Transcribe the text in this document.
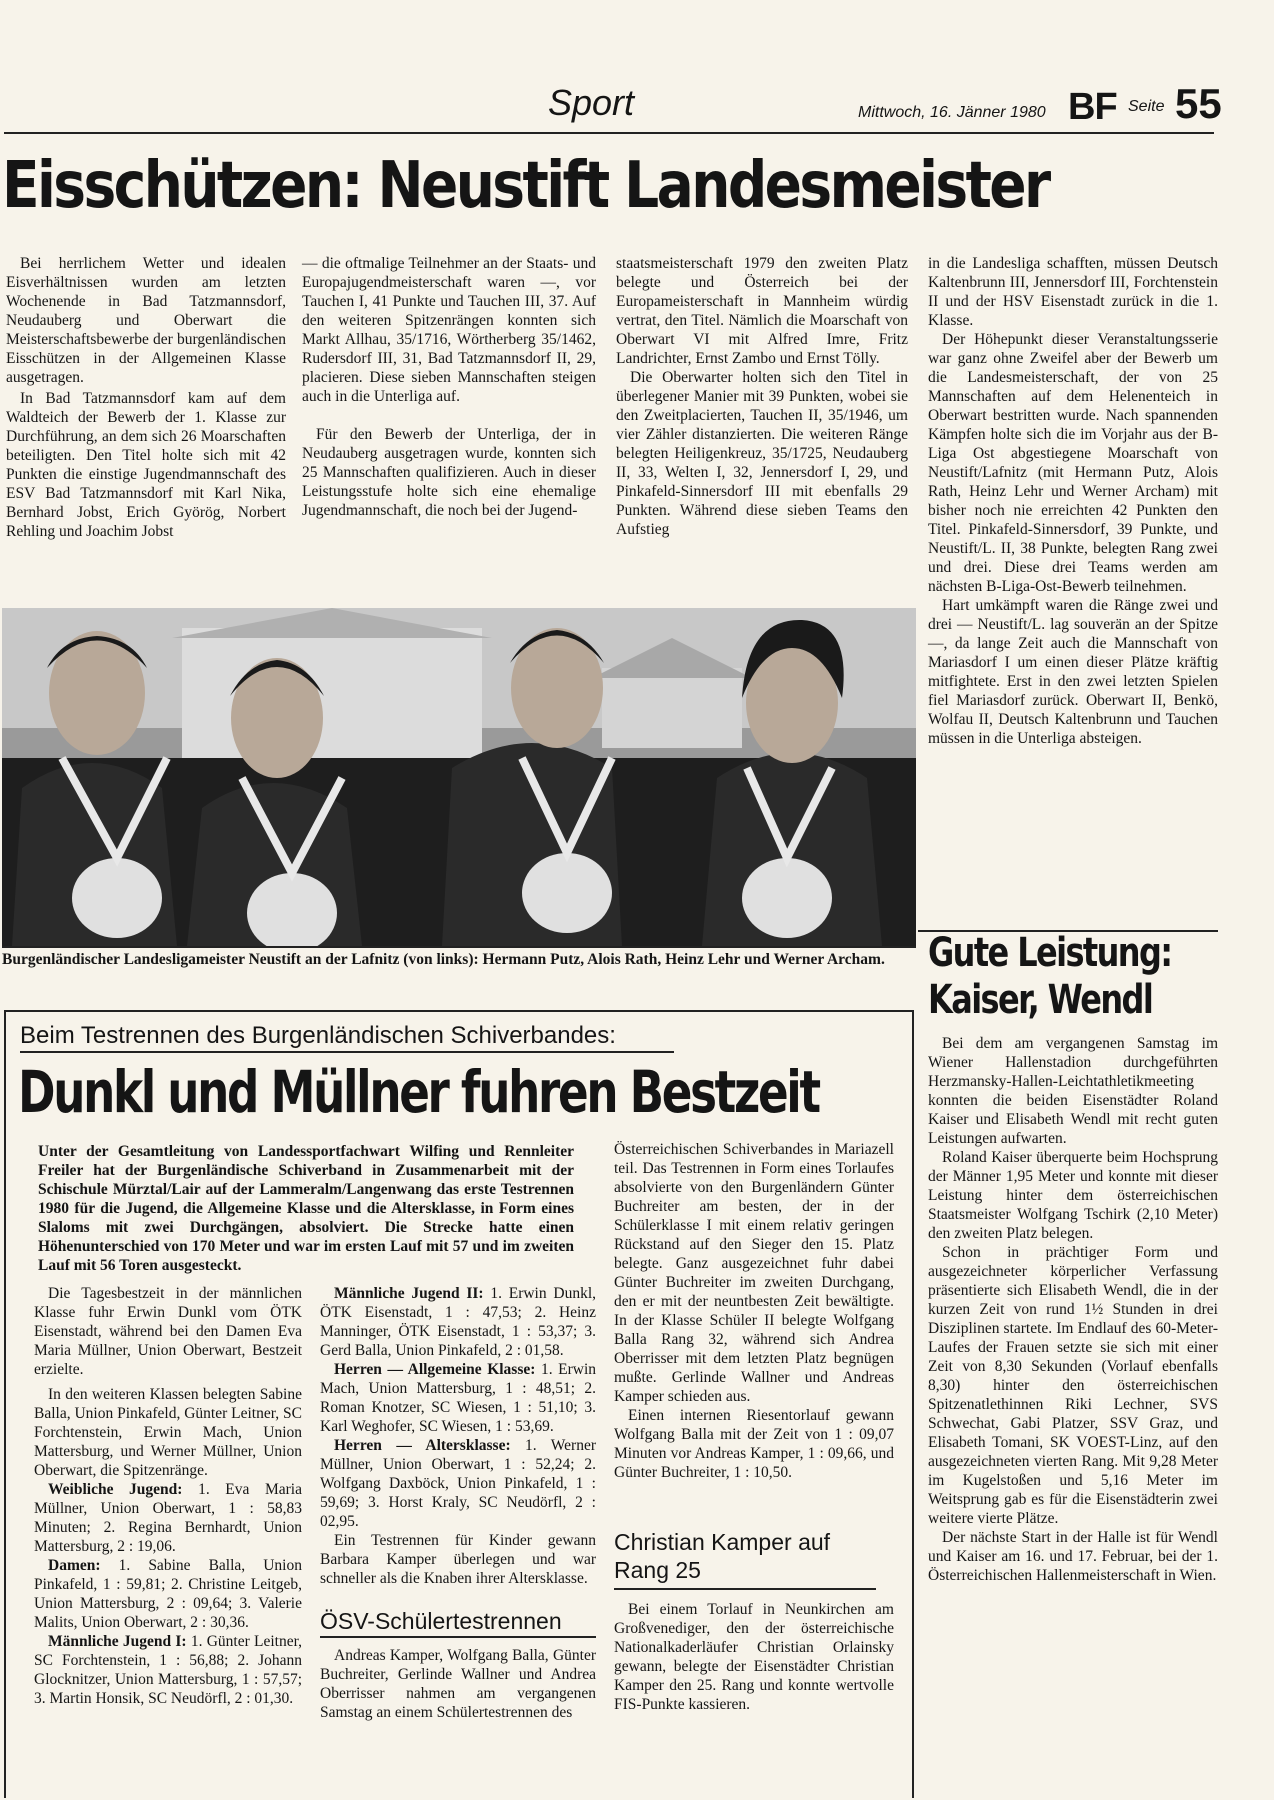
Sport	Mittwoch, 16. Jänner 1980 BF Seite 55
Eisschützen: Neustift Landesmeister

Bei herrlichem Wetter und idealen Eisverhältnissen wurden am letzten Wochenende in Bad Tatzmannsdorf, Neudauberg und Oberwart die Meisterschaftsbewerbe der burgenländischen Eisschützen in der Allgemeinen Klasse ausgetragen.

In Bad Tatzmannsdorf kam auf dem Waldteich der Bewerb der 1. Klasse zur Durchführung, an dem sich 26 Moarschaften beteiligten. Den Titel holte sich mit 42 Punkten die einstige Jugendmannschaft des ESV Bad Tatzmannsdorf mit Karl Nika, Bernhard Jobst, Erich Györög, Norbert Rehling und Joachim Jobst

— die oftmalige Teilnehmer an der Staats- und Europajugendmeisterschaft waren —, vor Tauchen I, 41 Punkte und Tauchen III, 37. Auf den weiteren Spitzenrängen konnten sich Markt Allhau, 35/1716, Wörtherberg 35/1462, Rudersdorf III, 31, Bad Tatzmannsdorf II, 29, placieren. Diese sieben Mannschaften steigen auch in die Unterliga auf.

Für den Bewerb der Unterliga, der in Neudauberg ausgetragen wurde, konnten sich 25 Mannschaften qualifizieren. Auch in dieser Leistungsstufe holte sich eine ehemalige Jugendmannschaft, die noch bei der Jugend-

staatsmeisterschaft 1979 den zweiten Platz belegte und Österreich bei der Europameisterschaft in Mannheim würdig vertrat, den Titel. Nämlich die Moarschaft von Oberwart VI mit Alfred Imre, Fritz Landrichter, Ernst Zambo und Ernst Tölly.

Die Oberwarter holten sich den Titel in überlegener Manier mit 39 Punkten, wobei sie den Zweitplacierten, Tauchen II, 35/1946, um vier Zähler distanzierten. Die weiteren Ränge belegten Heiligenkreuz, 35/1725, Neudauberg II, 33, Welten I, 32, Jennersdorf I, 29, und Pinkafeld-Sinnersdorf III mit ebenfalls 29 Punkten. Während diese sieben Teams den Aufstieg

in die Landesliga schafften, müssen Deutsch Kaltenbrunn III, Jennersdorf III, Forchtenstein II und der HSV Eisenstadt zurück in die 1. Klasse.

Der Höhepunkt dieser Veranstaltungsserie war ganz ohne Zweifel aber der Bewerb um die Landesmeisterschaft, der von 25 Mannschaften auf dem Helenenteich in Oberwart bestritten wurde. Nach spannenden Kämpfen holte sich die im Vorjahr aus der B-Liga Ost abgestiegene Moarschaft von Neustift/Lafnitz (mit Hermann Putz, Alois Rath, Heinz Lehr und Werner Archam) mit bisher noch nie erreichten 42 Punkten den Titel. Pinkafeld-Sinnersdorf, 39 Punkte, und Neustift/L. II, 38 Punkte, belegten Rang zwei und drei. Diese drei Teams werden am nächsten B-Liga-Ost-Bewerb teilnehmen.

Hart umkämpft waren die Ränge zwei und drei — Neustift/L. lag souverän an der Spitze —, da lange Zeit auch die Mannschaft von Mariasdorf I um einen dieser Plätze kräftig mitfightete. Erst in den zwei letzten Spielen fiel Mariasdorf zurück. Oberwart II, Benkö, Wolfau II, Deutsch Kaltenbrunn und Tauchen müssen in die Unterliga absteigen.

Burgenländischer Landesligameister Neustift an der Lafnitz (von links): Hermann Putz, Alois Rath, Heinz Lehr und Werner Archam.	Gute Leistung:
Kaiser, Wendl

Bei dem am vergangenen Samstag im Wiener Hallenstadion durchgeführten Herzmansky-Hallen-Leichtathletikmeeting konnten die beiden Eisenstädter Roland Kaiser und Elisabeth Wendl mit recht guten Leistungen aufwarten.

Roland Kaiser überquerte beim Hochsprung der Männer 1,95 Meter und konnte mit dieser Leistung hinter dem österreichischen Staatsmeister Wolfgang Tschirk (2,10 Meter) den zweiten Platz belegen.

Schon in prächtiger Form und ausgezeichneter körperlicher Verfassung präsentierte sich Elisabeth Wendl, die in der kurzen Zeit von rund 1½ Stunden in drei Disziplinen startete. Im Endlauf des 60-Meter-Laufes der Frauen setzte sie sich mit einer Zeit von 8,30 Sekunden (Vorlauf ebenfalls 8,30) hinter den österreichischen Spitzenatlethinnen Riki Lechner, SVS Schwechat, Gabi Platzer, SSV Graz, und Elisabeth Tomani, SK VOEST-Linz, auf den ausgezeichneten vierten Rang. Mit 9,28 Meter im Kugelstoßen und 5,16 Meter im Weitsprung gab es für die Eisenstädterin zwei weitere vierte Plätze.

Der nächste Start in der Halle ist für Wendl und Kaiser am 16. und 17. Februar, bei der 1. Österreichischen Hallenmeisterschaft in Wien.

Beim Testrennen des Burgenländischen Schiverbandes:
Dunkl und Müllner fuhren Bestzeit
Unter der Gesamtleitung von Landessportfachwart Wilfing und Rennleiter Freiler hat der Burgenländische Schiverband in Zusammenarbeit mit der Schischule Mürztal/Lair auf der Lammeralm/Langenwang das erste Testrennen 1980 für die Jugend, die Allgemeine Klasse und die Altersklasse, in Form eines Slaloms mit zwei Durchgängen, absolviert. Die Strecke hatte einen Höhenunterschied von 170 Meter und war im ersten Lauf mit 57 und im zweiten Lauf mit 56 Toren ausgesteckt.

Die Tagesbestzeit in der männlichen Klasse fuhr Erwin Dunkl vom ÖTK Eisenstadt, während bei den Damen Eva Maria Müllner, Union Oberwart, Bestzeit erzielte.

In den weiteren Klassen belegten Sabine Balla, Union Pinkafeld, Günter Leitner, SC Forchtenstein, Erwin Mach, Union Mattersburg, und Werner Müllner, Union Oberwart, die Spitzenränge.

Weibliche Jugend: 1. Eva Maria Müllner, Union Oberwart, 1 : 58,83 Minuten; 2. Regina Bernhardt, Union Mattersburg, 2 : 19,06.

Damen: 1. Sabine Balla, Union Pinkafeld, 1 : 59,81; 2. Christine Leitgeb, Union Mattersburg, 2 : 09,64; 3. Valerie Malits, Union Oberwart, 2 : 30,36.

Männliche Jugend I: 1. Günter Leitner, SC Forchtenstein, 1 : 56,88; 2. Johann Glocknitzer, Union Mattersburg, 1 : 57,57; 3. Martin Honsik, SC Neudörfl, 2 : 01,30.

Männliche Jugend II: 1. Erwin Dunkl, ÖTK Eisenstadt, 1 : 47,53; 2. Heinz Manninger, ÖTK Eisenstadt, 1 : 53,37; 3. Gerd Balla, Union Pinkafeld, 2 : 01,58.

Herren — Allgemeine Klasse: 1. Erwin Mach, Union Mattersburg, 1 : 48,51; 2. Roman Knotzer, SC Wiesen, 1 : 51,10; 3. Karl Weghofer, SC Wiesen, 1 : 53,69.

Herren — Altersklasse: 1. Werner Müllner, Union Oberwart, 1 : 52,24; 2. Wolfgang Daxböck, Union Pinkafeld, 1 : 59,69; 3. Horst Kraly, SC Neudörfl, 2 : 02,95.

Ein Testrennen für Kinder gewann Barbara Kamper überlegen und war schneller als die Knaben ihrer Altersklasse.

ÖSV-Schülertestrennen

Andreas Kamper, Wolfgang Balla, Günter Buchreiter, Gerlinde Wallner und Andrea Oberrisser nahmen am vergangenen Samstag an einem Schülertestrennen des

Österreichischen Schiverbandes in Mariazell teil. Das Testrennen in Form eines Torlaufes absolvierte von den Burgenländern Günter Buchreiter am besten, der in der Schülerklasse I mit einem relativ geringen Rückstand auf den Sieger den 15. Platz belegte. Ganz ausgezeichnet fuhr dabei Günter Buchreiter im zweiten Durchgang, den er mit der neuntbesten Zeit bewältigte. In der Klasse Schüler II belegte Wolfgang Balla Rang 32, während sich Andrea Oberrisser mit dem letzten Platz begnügen mußte. Gerlinde Wallner und Andreas Kamper schieden aus.

Einen internen Riesentorlauf gewann Wolfgang Balla mit der Zeit von 1 : 09,07 Minuten vor Andreas Kamper, 1 : 09,66, und Günter Buchreiter, 1 : 10,50.

Christian Kamper auf Rang 25

Bei einem Torlauf in Neunkirchen am Großvenediger, den der österreichische Nationalkaderläufer Christian Orlainsky gewann, belegte der Eisenstädter Christian Kamper den 25. Rang und konnte wertvolle FIS-Punkte kassieren.
